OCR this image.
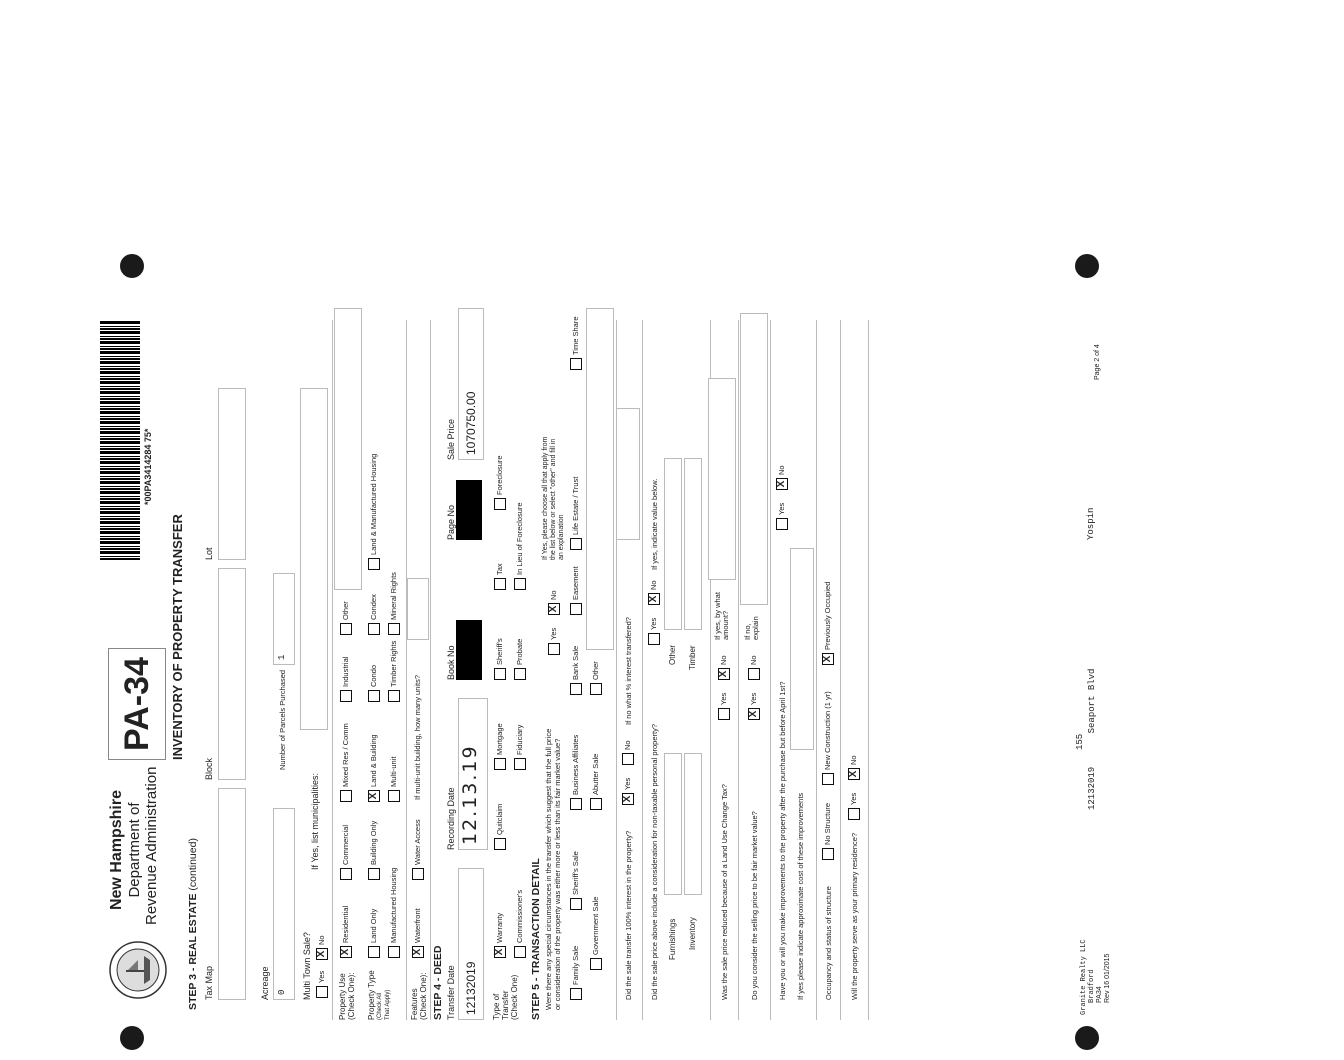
New Hampshire Department of Revenue Administration
PA-34
*00PA3414284 75*
INVENTORY OF PROPERTY TRANSFER
STEP 3 - REAL ESTATE (continued)
Tax Map
Block
Lot
Acreage 0
Number of Parcels Purchased
1
Multi Town Sale? Yes
X
No
If Yes, list municipalities:
Property Use (Check One):
X
Residential
Commercial
Mixed Res / Comm
Industrial
Other
Property Type (Check All That Apply)
Land Only
Building Only
X
Land & Building
Condo
Condex
Land & Manufactured Housing
Manufactured Housing
Multi-unit
Timber Rights
Mineral Rights
Features (Check One):
X
Waterfront
Water Access
If multi-unit building, how many units?
STEP 4 - DEED Transfer Date 12132019
Recording Date 12.13.19
Book No
Page No
Sale Price 1070750.00
Type of Transfer (Check One)
X
Warranty
Quitclaim
Mortgage
Sheriff's
Tax
Foreclosure
Commissioner's
Fiduciary
Probate
In Lieu of Foreclosure
STEP 5 - TRANSACTION DETAIL Were there any special circumstances in the transfer which suggest that the full price or consideration of the property was either more or less than its fair market value?
Yes
X
No
If Yes, please choose all that apply from the list below or select "other" and fill in an explanation
Family Sale
Sheriff's Sale
Business Affiliates
Bank Sale
Easement
Life Estate / Trust
Time Share
Government Sale
Abutter Sale
Other
Did the sale transfer 100% interest in the property?
X
Yes
No
If no what % interest transfered?
Did the sale price above include a consideration for non-taxable personal property?
Yes
X
No
If yes, indicate value below.
Furnishings Inventory
Other Timber
Was the sale price reduced because of a Land Use Change Tax?
Yes
X
No
If yes, by what amount?
Do you consider the selling price to be fair market value?
X
Yes
No
If no, explain
Have you or will you make improvements to the property after the purchase but before April 1st?
Yes
X
No
If yes please indicate approximate cost of these improvements	Occupancy and status of structure
No Structure
New Construction (1 yr)
X
Previously Occupied
Will the property serve as your primary residence?
Yes
X
No
Granite Realty LLC Bradford PA34 Rev 16 01/2015
155
12132019 Seaport Blvd
Yospin
Page 2 of 4
